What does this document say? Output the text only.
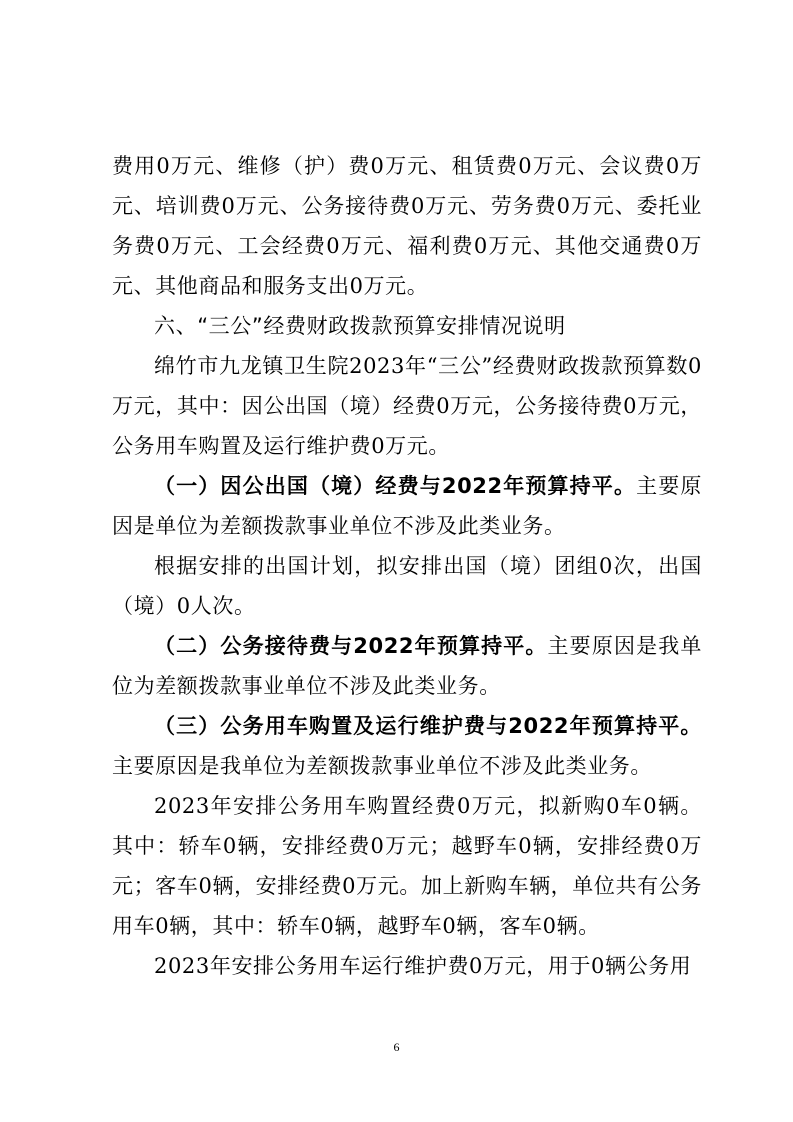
费用0万元、维修（护）费0万元、租赁费0万元、会议费0万元、培训费0万元、公务接待费0万元、劳务费0万元、委托业务费0万元、工会经费0万元、福利费0万元、其他交通费0万元、其他商品和服务支出0万元。

六、“三公”经费财政拨款预算安排情况说明

绵竹市九龙镇卫生院2023年“三公”经费财政拨款预算数0万元，其中：因公出国（境）经费0万元，公务接待费0万元，公务用车购置及运行维护费0万元。

（一）因公出国（境）经费与2022年预算持平。主要原因是单位为差额拨款事业单位不涉及此类业务。

根据安排的出国计划，拟安排出国（境）团组0次，出国（境）0人次。

（二）公务接待费与2022年预算持平。主要原因是我单位为差额拨款事业单位不涉及此类业务。

（三）公务用车购置及运行维护费与2022年预算持平。主要原因是我单位为差额拨款事业单位不涉及此类业务。

2023年安排公务用车购置经费0万元，拟新购0车0辆。其中：轿车0辆，安排经费0万元；越野车0辆，安排经费0万元；客车0辆，安排经费0万元。加上新购车辆，单位共有公务用车0辆，其中：轿车0辆，越野车0辆，客车0辆。

2023年安排公务用车运行维护费0万元，用于0辆公务用

6
